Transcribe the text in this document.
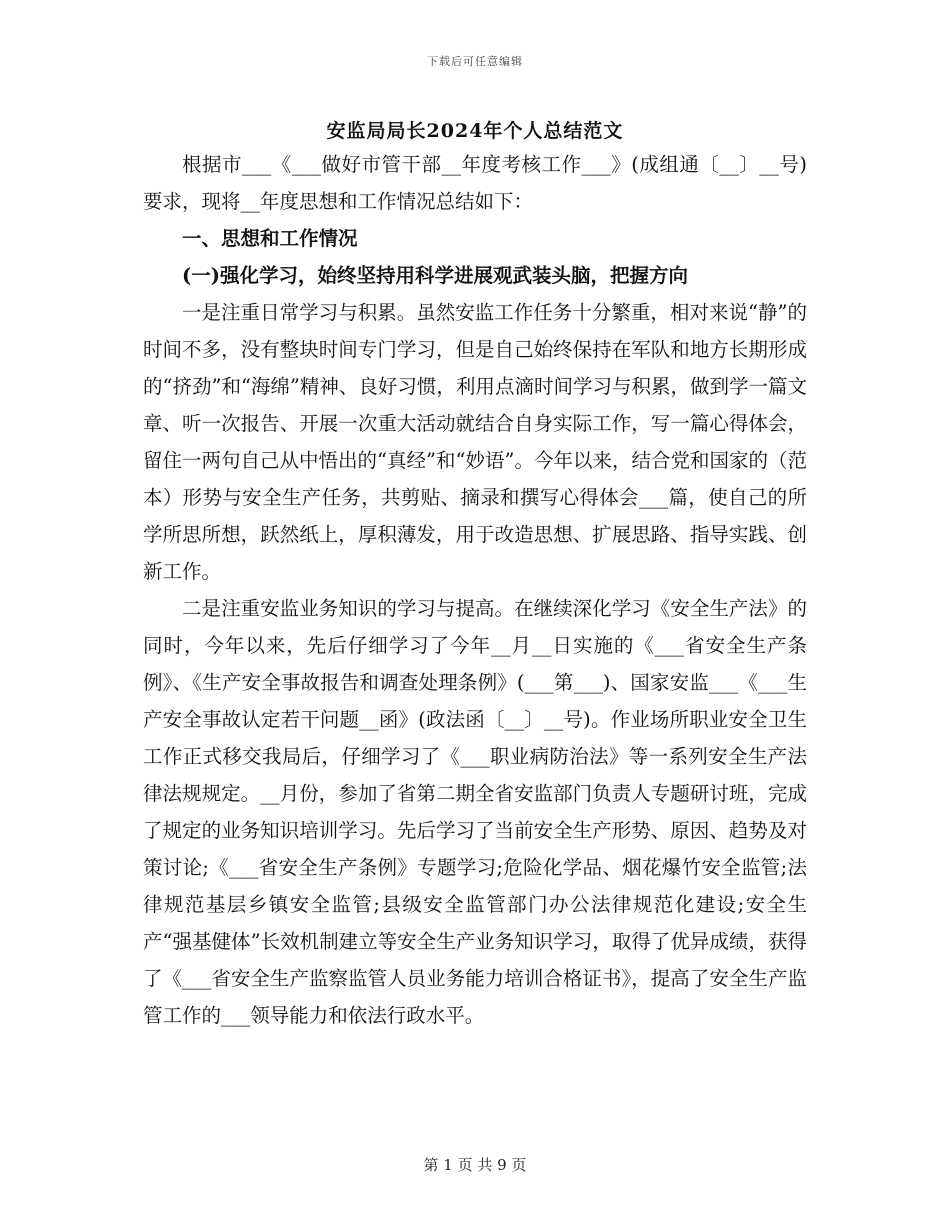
下载后可任意编辑
安监局局长2024年个人总结范文

根据市___《___做好市管干部__年度考核工作___》(成组通〔__〕__号)要求，现将__年度思想和工作情况总结如下：

一、思想和工作情况

(一)强化学习，始终坚持用科学进展观武装头脑，把握方向

一是注重日常学习与积累。虽然安监工作任务十分繁重，相对来说“静”的时间不多，没有整块时间专门学习，但是自己始终保持在军队和地方长期形成的“挤劲”和“海绵”精神、良好习惯，利用点滴时间学习与积累，做到学一篇文章、听一次报告、开展一次重大活动就结合自身实际工作，写一篇心得体会，留住一两句自己从中悟出的“真经”和“妙语”。今年以来，结合党和国家的（范本）形势与安全生产任务，共剪贴、摘录和撰写心得体会___篇，使自己的所学所思所想，跃然纸上，厚积薄发，用于改造思想、扩展思路、指导实践、创新工作。

二是注重安监业务知识的学习与提高。在继续深化学习《安全生产法》的同时，今年以来，先后仔细学习了今年__月__日实施的《___省安全生产条例》、《生产安全事故报告和调查处理条例》(___第___)、国家安监___《___生产安全事故认定若干问题__函》(政法函〔__〕__号)。作业场所职业安全卫生工作正式移交我局后，仔细学习了《___职业病防治法》等一系列安全生产法律法规规定。__月份，参加了省第二期全省安监部门负责人专题研讨班，完成了规定的业务知识培训学习。先后学习了当前安全生产形势、原因、趋势及对策讨论;《___省安全生产条例》专题学习;危险化学品、烟花爆竹安全监管;法律规范基层乡镇安全监管;县级安全监管部门办公法律规范化建设;安全生产“强基健体”长效机制建立等安全生产业务知识学习，取得了优异成绩，获得了《___省安全生产监察监管人员业务能力培训合格证书》，提高了安全生产监管工作的___领导能力和依法行政水平。

第 1 页 共 9 页
